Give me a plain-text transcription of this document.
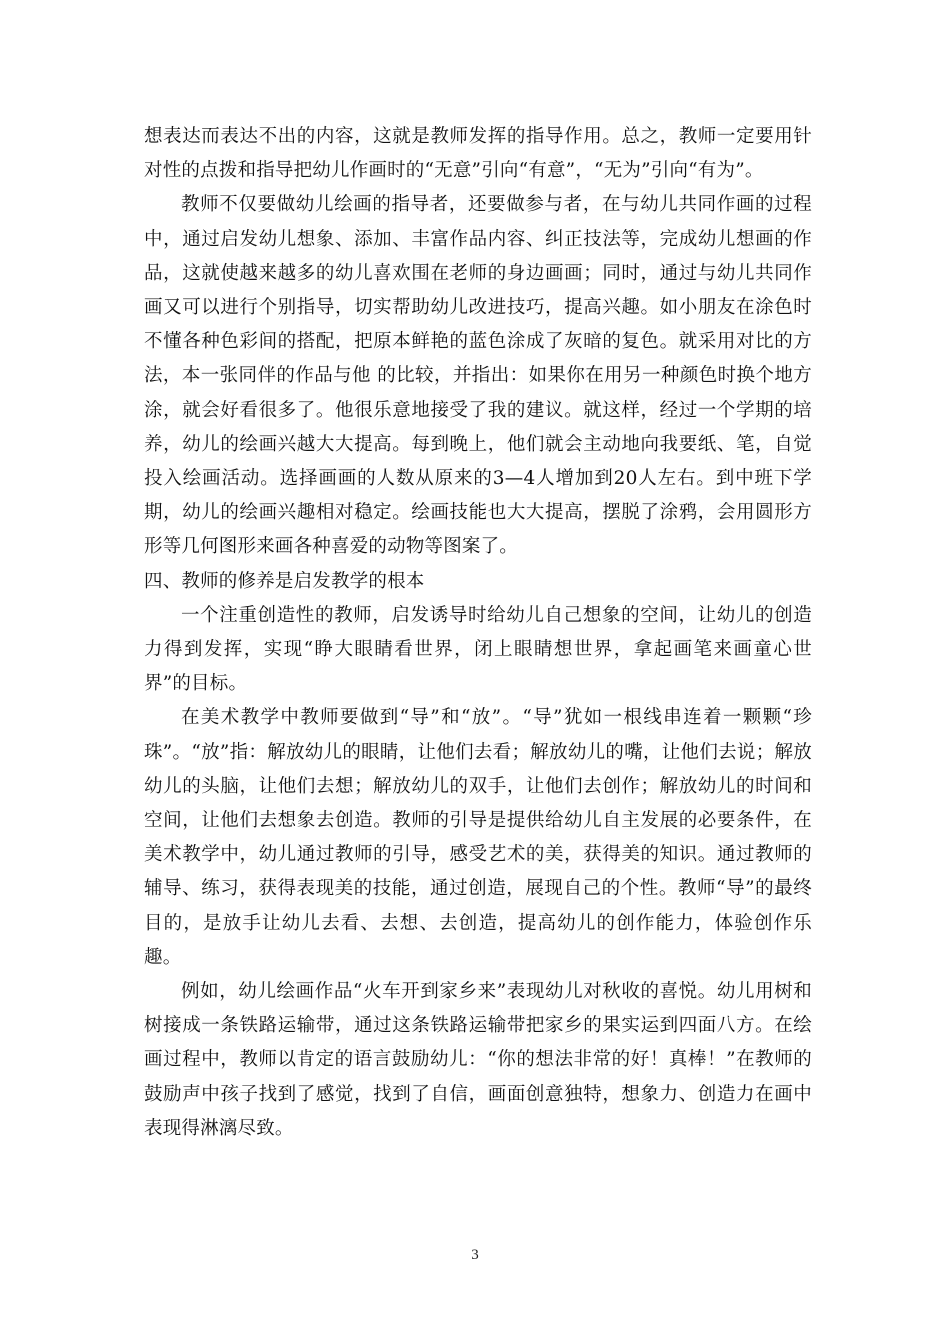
想表达而表达不出的内容，这就是教师发挥的指导作用。总之，教师一定要用针对性的点拨和指导把幼儿作画时的“无意”引向“有意”，“无为”引向“有为”。

教师不仅要做幼儿绘画的指导者，还要做参与者，在与幼儿共同作画的过程中，通过启发幼儿想象、添加、丰富作品内容、纠正技法等，完成幼儿想画的作品，这就使越来越多的幼儿喜欢围在老师的身边画画；同时，通过与幼儿共同作画又可以进行个别指导，切实帮助幼儿改进技巧，提高兴趣。如小朋友在涂色时不懂各种色彩间的搭配，把原本鲜艳的蓝色涂成了灰暗的复色。就采用对比的方法，本一张同伴的作品与他 的比较，并指出：如果你在用另一种颜色时换个地方涂，就会好看很多了。他很乐意地接受了我的建议。就这样，经过一个学期的培养，幼儿的绘画兴越大大提高。每到晚上，他们就会主动地向我要纸、笔，自觉投入绘画活动。选择画画的人数从原来的3—4人增加到20人左右。到中班下学期，幼儿的绘画兴趣相对稳定。绘画技能也大大提高，摆脱了涂鸦，会用圆形方形等几何图形来画各种喜爱的动物等图案了。

四、教师的修养是启发教学的根本

一个注重创造性的教师，启发诱导时给幼儿自己想象的空间，让幼儿的创造力得到发挥，实现“睁大眼睛看世界，闭上眼睛想世界，拿起画笔来画童心世界”的目标。

在美术教学中教师要做到“导”和“放”。“导”犹如一根线串连着一颗颗“珍珠”。“放”指：解放幼儿的眼睛，让他们去看；解放幼儿的嘴，让他们去说；解放幼儿的头脑，让他们去想；解放幼儿的双手，让他们去创作；解放幼儿的时间和空间，让他们去想象去创造。教师的引导是提供给幼儿自主发展的必要条件，在美术教学中，幼儿通过教师的引导，感受艺术的美，获得美的知识。通过教师的辅导、练习，获得表现美的技能，通过创造，展现自己的个性。教师“导”的最终目的，是放手让幼儿去看、去想、去创造，提高幼儿的创作能力，体验创作乐趣。

例如，幼儿绘画作品“火车开到家乡来”表现幼儿对秋收的喜悦。幼儿用树和树接成一条铁路运输带，通过这条铁路运输带把家乡的果实运到四面八方。在绘画过程中，教师以肯定的语言鼓励幼儿：“你的想法非常的好！真棒！”在教师的鼓励声中孩子找到了感觉，找到了自信，画面创意独特，想象力、创造力在画中表现得淋漓尽致。

3
